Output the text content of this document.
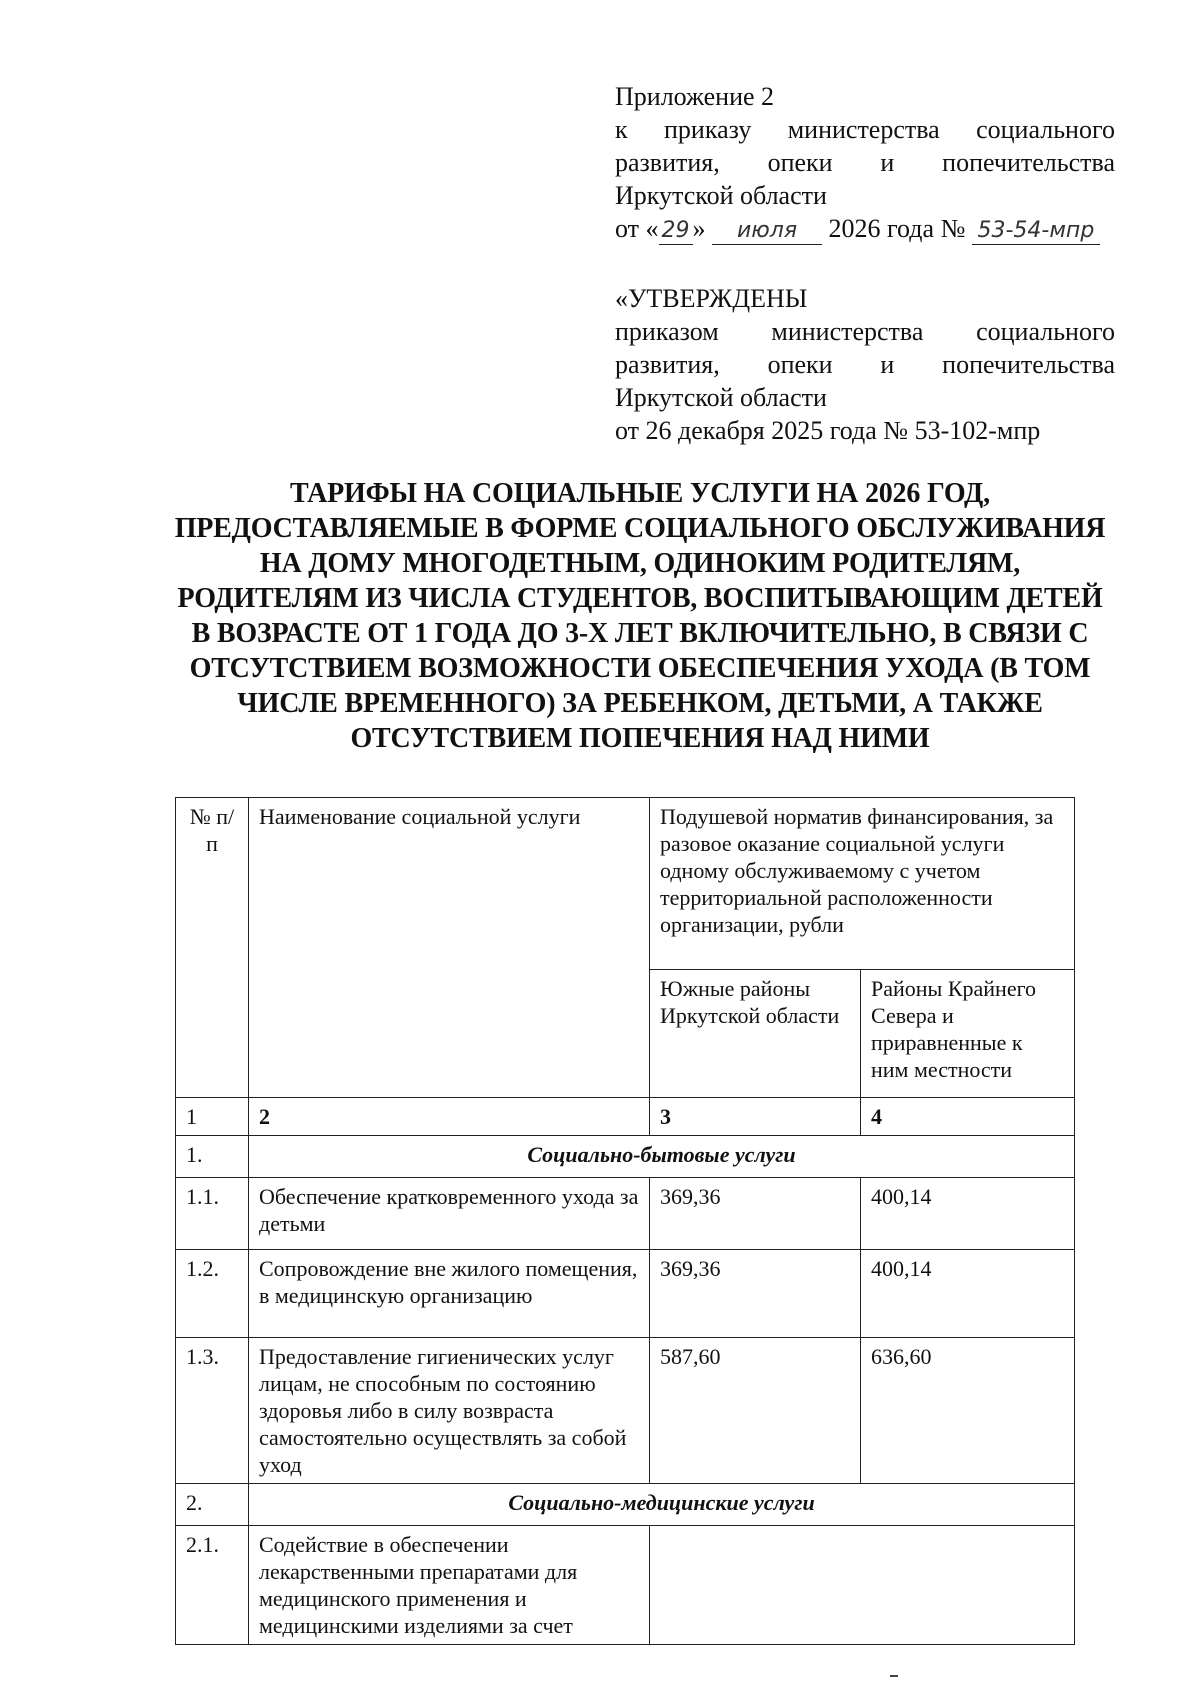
Приложение 2
к приказу министерства социального
развития, опеки и попечительства
Иркутской области
от « 29 » июля 2026 года № 53-54-мпр
«УТВЕРЖДЕНЫ
приказом министерства социального
развития, опеки и попечительства
Иркутской области
от 26 декабря 2025 года № 53-102-мпр
ТАРИФЫ НА СОЦИАЛЬНЫЕ УСЛУГИ НА 2026 ГОД, ПРЕДОСТАВЛЯЕМЫЕ В ФОРМЕ СОЦИАЛЬНОГО ОБСЛУЖИВАНИЯ НА ДОМУ МНОГОДЕТНЫМ, ОДИНОКИМ РОДИТЕЛЯМ, РОДИТЕЛЯМ ИЗ ЧИСЛА СТУДЕНТОВ, ВОСПИТЫВАЮЩИМ ДЕТЕЙ В ВОЗРАСТЕ ОТ 1 ГОДА ДО 3-Х ЛЕТ ВКЛЮЧИТЕЛЬНО, В СВЯЗИ С ОТСУТСТВИЕМ ВОЗМОЖНОСТИ ОБЕСПЕЧЕНИЯ УХОДА (В ТОМ ЧИСЛЕ ВРЕМЕННОГО) ЗА РЕБЕНКОМ, ДЕТЬМИ, А ТАКЖЕ ОТСУТСТВИЕМ ПОПЕЧЕНИЯ НАД НИМИ
№ п/п	Наименование социальной услуги	Подушевой норматив финансирования, за разовое оказание социальной услуги одному обслуживаемому с учетом территориальной расположенности организации, рубли	
		Южные районы Иркутской области	Районы Крайнего Севера и приравненные к ним местности
1	2	3	4
1.	Социально-бытовые услуги		
1.1.	Обеспечение кратковременного ухода за детьми	369,36	400,14
1.2.	Сопровождение вне жилого помещения, в медицинскую организацию	369,36	400,14
1.3.	Предоставление гигиенических услуг лицам, не способным по состоянию здоровья либо в силу возвраста самостоятельно осуществлять за собой уход	587,60	636,60
2.	Социально-медицинские услуги		
2.1.	Содействие в обеспечении лекарственными препаратами для медицинского применения и медицинскими изделиями за счет		
